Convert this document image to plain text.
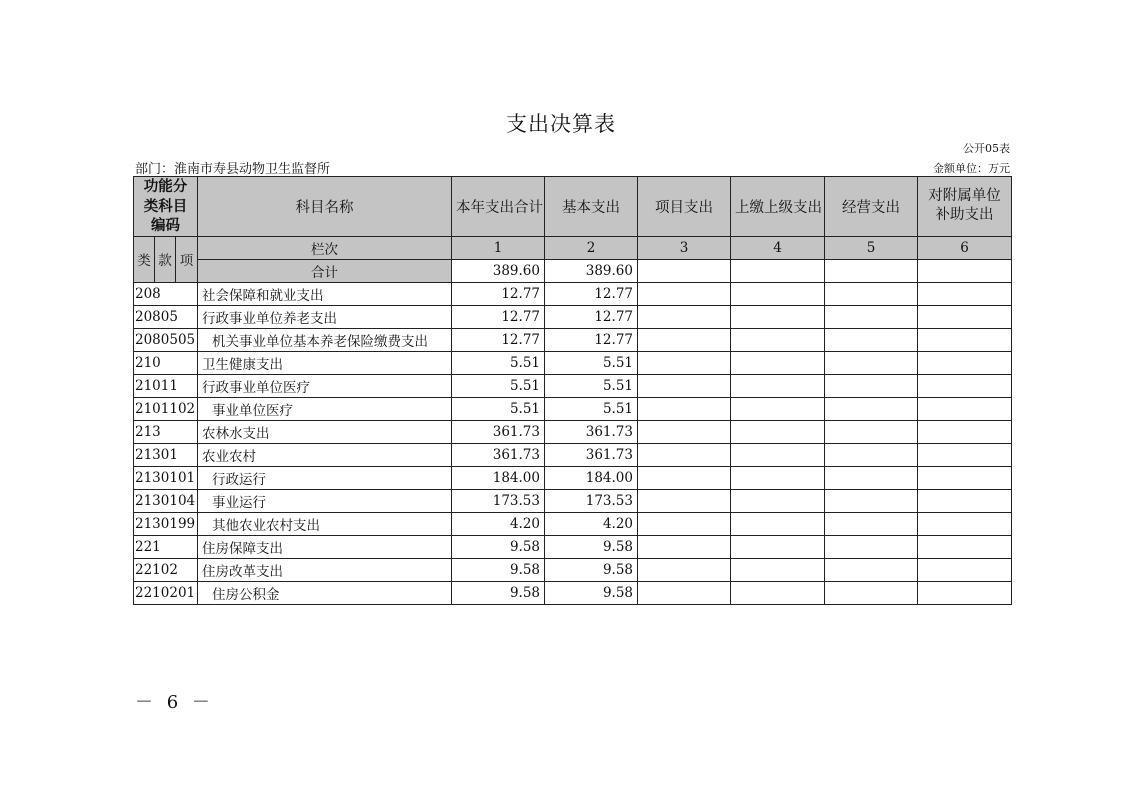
支出决算表
公开05表
部门：淮南市寿县动物卫生监督所	金额单位：万元
功能分类科目编码			科目名称	本年支出合计	基本支出	项目支出	上缴上级支出	经营支出	对附属单位补助支出
类	款	项	栏次	1	2	3	4	5	6
			合计	389.60	389.60				
208			社会保障和就业支出	12.77	12.77				
20805			行政事业单位养老支出	12.77	12.77				
2080505			机关事业单位基本养老保险缴费支出	12.77	12.77				
210			卫生健康支出	5.51	5.51				
21011			行政事业单位医疗	5.51	5.51				
2101102			事业单位医疗	5.51	5.51				
213			农林水支出	361.73	361.73				
21301			农业农村	361.73	361.73				
2130101			行政运行	184.00	184.00				
2130104			事业运行	173.53	173.53				
2130199			其他农业农村支出	4.20	4.20				
221			住房保障支出	9.58	9.58				
22102			住房改革支出	9.58	9.58				
2210201			住房公积金	9.58	9.58				
－ 6 －
